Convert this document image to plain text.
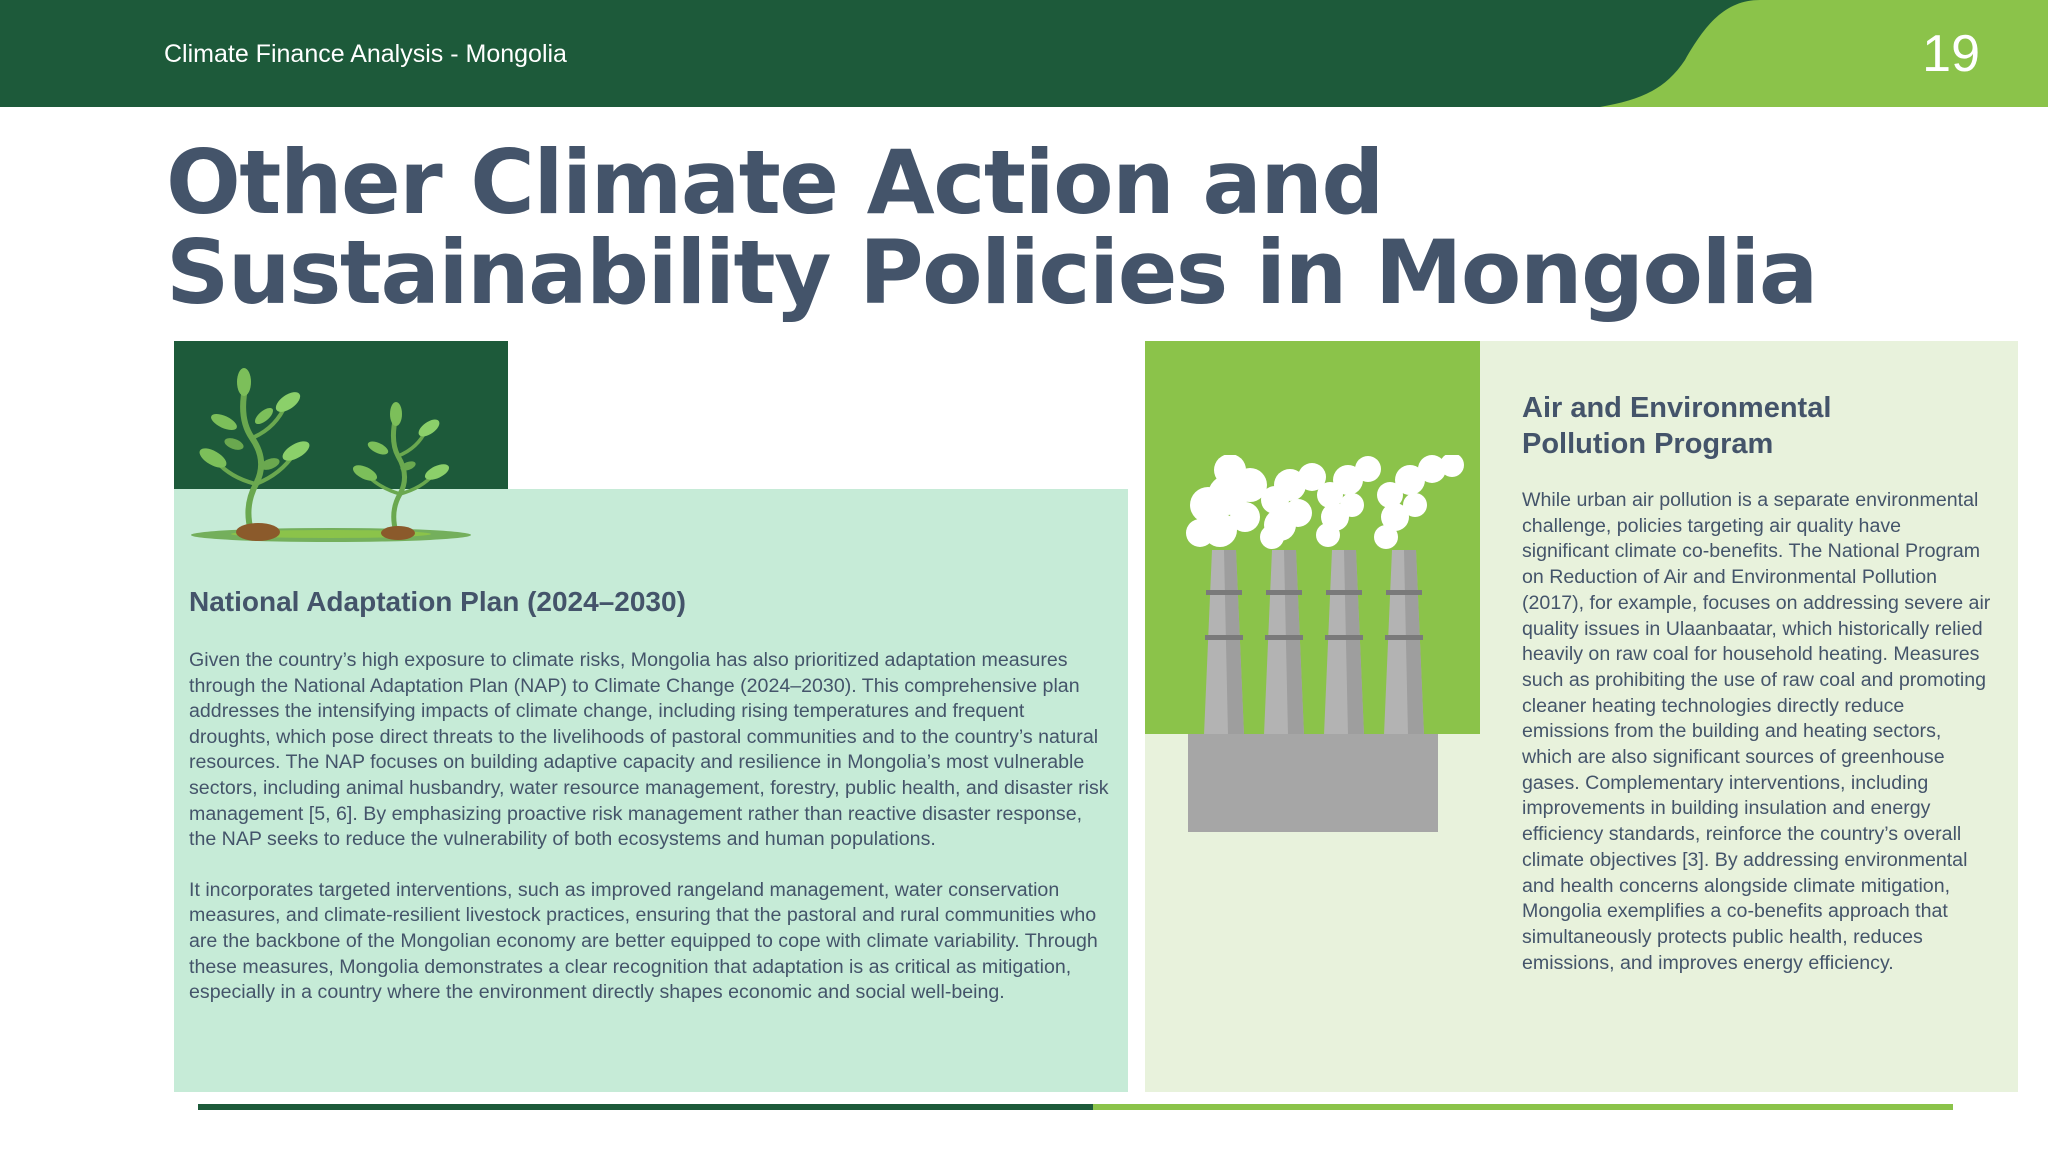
Climate Finance Analysis - Mongolia	19
Other Climate Action and
Sustainability Policies in Mongolia
National Adaptation Plan (2024–2030)

Given the country’s high exposure to climate risks, Mongolia has also prioritized adaptation measures through the National Adaptation Plan (NAP) to Climate Change (2024–2030). This comprehensive plan addresses the intensifying impacts of climate change, including rising temperatures and frequent droughts, which pose direct threats to the livelihoods of pastoral communities and to the country’s natural resources. The NAP focuses on building adaptive capacity and resilience in Mongolia’s most vulnerable sectors, including animal husbandry, water resource management, forestry, public health, and disaster risk management [5, 6]. By emphasizing proactive risk management rather than reactive disaster response, the NAP seeks to reduce the vulnerability of both ecosystems and human populations.

It incorporates targeted interventions, such as improved rangeland management, water conservation measures, and climate-resilient livestock practices, ensuring that the pastoral and rural communities who are the backbone of the Mongolian economy are better equipped to cope with climate variability. Through these measures, Mongolia demonstrates a clear recognition that adaptation is as critical as mitigation, especially in a country where the environment directly shapes economic and social well-being.

Air and Environmental Pollution Program
While urban air pollution is a separate environmental challenge, policies targeting air quality have significant climate co-benefits. The National Program on Reduction of Air and Environmental Pollution (2017), for example, focuses on addressing severe air quality issues in Ulaanbaatar, which historically relied heavily on raw coal for household heating. Measures such as prohibiting the use of raw coal and promoting cleaner heating technologies directly reduce emissions from the building and heating sectors, which are also significant sources of greenhouse gases. Complementary interventions, including improvements in building insulation and energy efficiency standards, reinforce the country’s overall climate objectives [3]. By addressing environmental and health concerns alongside climate mitigation, Mongolia exemplifies a co-benefits approach that simultaneously protects public health, reduces emissions, and improves energy efficiency.
